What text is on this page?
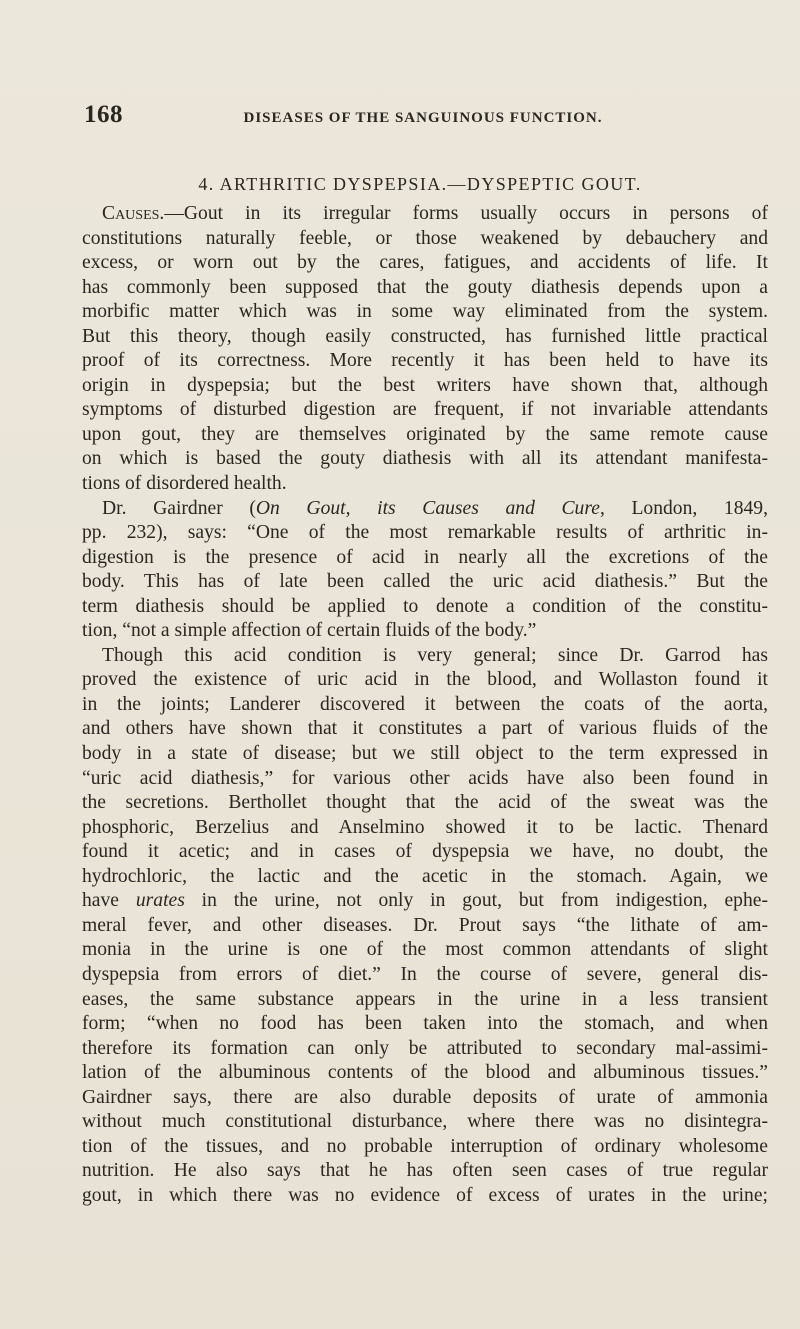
168	DISEASES OF THE SANGUINOUS FUNCTION.
4. ARTHRITIC DYSPEPSIA.—DYSPEPTIC GOUT.
Causes.—Gout in its irregular forms usually occurs in persons of
constitutions naturally feeble, or those weakened by debauchery and
excess, or worn out by the cares, fatigues, and accidents of life. It
has commonly been supposed that the gouty diathesis depends upon a
morbific matter which was in some way eliminated from the system.
But this theory, though easily constructed, has furnished little practical
proof of its correctness. More recently it has been held to have its
origin in dyspepsia; but the best writers have shown that, although
symptoms of disturbed digestion are frequent, if not invariable attendants
upon gout, they are themselves originated by the same remote cause
on which is based the gouty diathesis with all its attendant manifesta-
tions of disordered health.
Dr. Gairdner (On Gout, its Causes and Cure, London, 1849,
pp. 232), says: “One of the most remarkable results of arthritic in-
digestion is the presence of acid in nearly all the excretions of the
body. This has of late been called the uric acid diathesis.” But the
term diathesis should be applied to denote a condition of the constitu-
tion, “not a simple affection of certain fluids of the body.”
Though this acid condition is very general; since Dr. Garrod has
proved the existence of uric acid in the blood, and Wollaston found it
in the joints; Landerer discovered it between the coats of the aorta,
and others have shown that it constitutes a part of various fluids of the
body in a state of disease; but we still object to the term expressed in
“uric acid diathesis,” for various other acids have also been found in
the secretions. Berthollet thought that the acid of the sweat was the
phosphoric, Berzelius and Anselmino showed it to be lactic. Thenard
found it acetic; and in cases of dyspepsia we have, no doubt, the
hydrochloric, the lactic and the acetic in the stomach. Again, we
have urates in the urine, not only in gout, but from indigestion, ephe-
meral fever, and other diseases. Dr. Prout says “the lithate of am-
monia in the urine is one of the most common attendants of slight
dyspepsia from errors of diet.” In the course of severe, general dis-
eases, the same substance appears in the urine in a less transient
form; “when no food has been taken into the stomach, and when
therefore its formation can only be attributed to secondary mal-assimi-
lation of the albuminous contents of the blood and albuminous tissues.”
Gairdner says, there are also durable deposits of urate of ammonia
without much constitutional disturbance, where there was no disintegra-
tion of the tissues, and no probable interruption of ordinary wholesome
nutrition. He also says that he has often seen cases of true regular
gout, in which there was no evidence of excess of urates in the urine;
